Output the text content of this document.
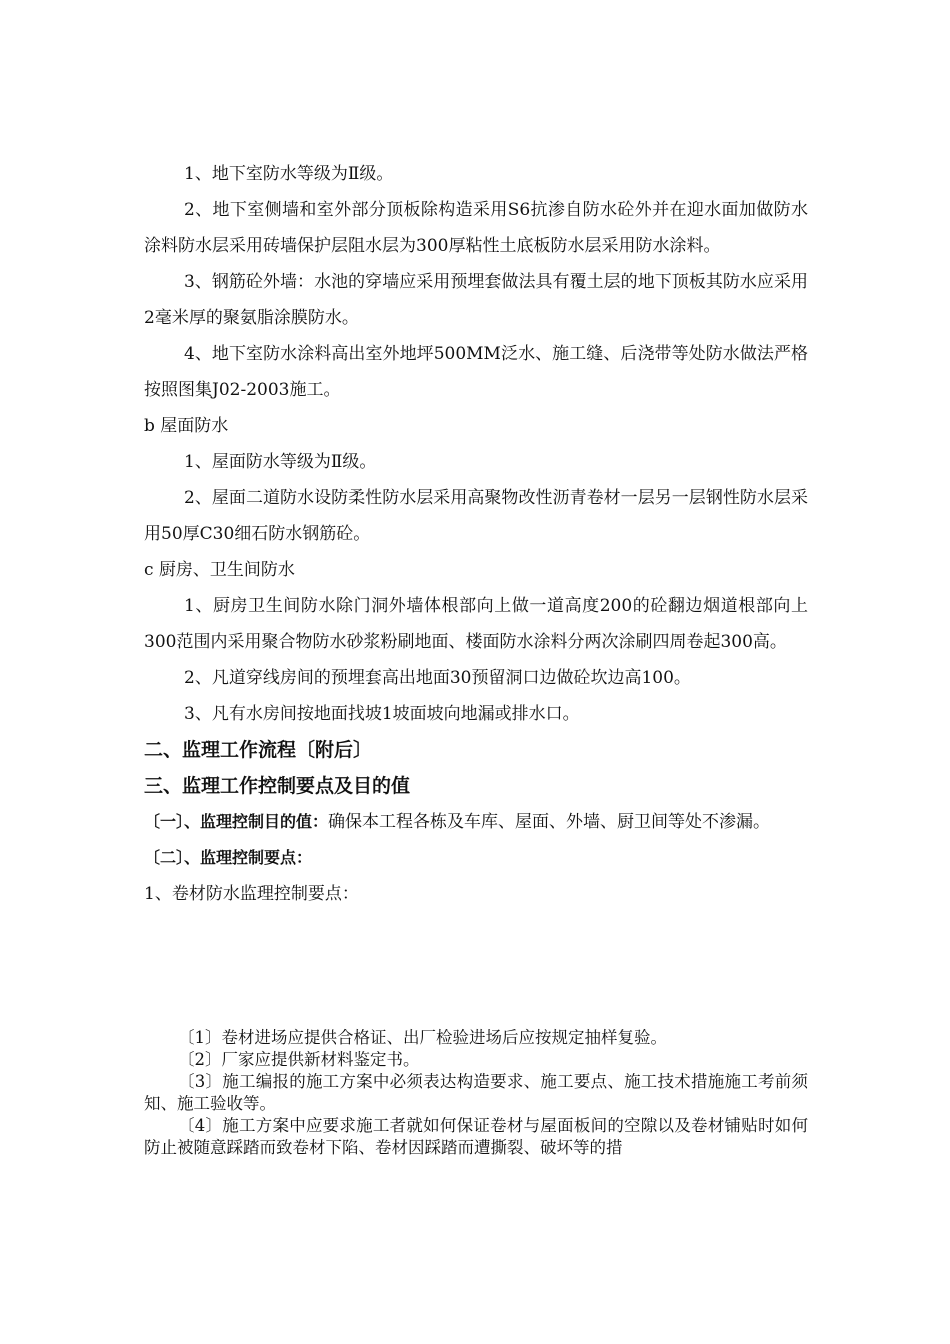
1、地下室防水等级为Ⅱ级。

2、地下室侧墙和室外部分顶板除构造采用S6抗渗自防水砼外并在迎水面加做防水涂料防水层采用砖墙保护层阻水层为300厚粘性土底板防水层采用防水涂料。

3、钢筋砼外墙：水池的穿墙应采用预埋套做法具有覆土层的地下顶板其防水应采用2毫米厚的聚氨脂涂膜防水。

4、地下室防水涂料高出室外地坪500MM泛水、施工缝、后浇带等处防水做法严格按照图集J02-2003施工。

b 屋面防水

1、屋面防水等级为Ⅱ级。

2、屋面二道防水设防柔性防水层采用高聚物改性沥青卷材一层另一层钢性防水层采用50厚C30细石防水钢筋砼。

c 厨房、卫生间防水

1、厨房卫生间防水除门洞外墙体根部向上做一道高度200的砼翻边烟道根部向上300范围内采用聚合物防水砂浆粉刷地面、楼面防水涂料分两次涂刷四周卷起300高。

2、凡道穿线房间的预埋套高出地面30预留洞口边做砼坎边高100。

3、凡有水房间按地面找坡1坡面坡向地漏或排水口。

二、监理工作流程〔附后〕

三、监理工作控制要点及目的值

〔一〕、监理控制目的值：确保本工程各栋及车库、屋面、外墙、厨卫间等处不渗漏。

〔二〕、监理控制要点：

1、卷材防水监理控制要点：

〔1〕卷材进场应提供合格证、出厂检验进场后应按规定抽样复验。

〔2〕厂家应提供新材料鉴定书。

〔3〕施工编报的施工方案中必须表达构造要求、施工要点、施工技术措施施工考前须知、施工验收等。

〔4〕施工方案中应要求施工者就如何保证卷材与屋面板间的空隙以及卷材铺贴时如何防止被随意踩踏而致卷材下陷、卷材因踩踏而遭撕裂、破坏等的措
